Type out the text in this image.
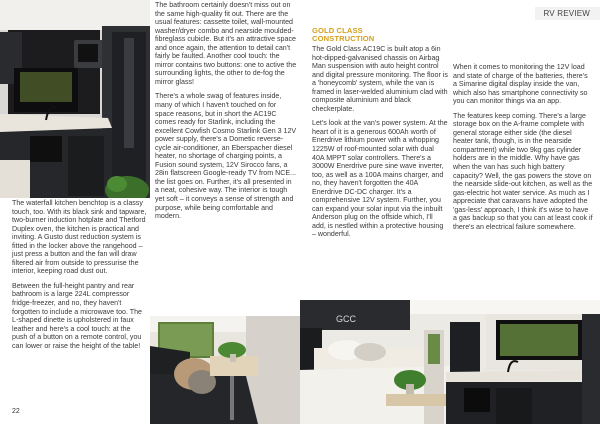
RV REVIEW
GCC

The waterfall kitchen benchtop is a classy touch, too. With its black sink and tapware, two-burner induction hotplate and Thetford Duplex oven, the kitchen is practical and inviting. A Gusto dust reduction system is fitted in the locker above the rangehood – just press a button and the fan will draw filtered air from outside to pressurise the interior, keeping road dust out.

Between the full-height pantry and rear bathroom is a large 224L compressor fridge-freezer, and no, they haven't forgotten to include a microwave too. The L-shaped dinette is upholstered in faux leather and here's a cool touch: at the push of a button on a remote control, you can lower or raise the height of the table!

The bathroom certainly doesn't miss out on the same high-quality fit out. There are the usual features: cassette toilet, wall-mounted washer/dryer combo and nearside moulded-fibreglass cubicle. But it's an attractive space and once again, the attention to detail can't fairly be faulted. Another cool touch: the mirror contains two buttons: one to active the surrounding lights, the other to de-fog the mirror glass!

There's a whole swag of features inside, many of which I haven't touched on for space reasons, but in short the AC19C comes ready for Starlink, including the excellent Cowfish Cosmo Starlink Gen 3 12V power supply, there's a Dometic reverse-cycle air-conditioner, an Eberspacher diesel heater, no shortage of charging points, a Fusion sound system, 12V Sirocco fans, a 28in flatscreen Google-ready TV from NCE... the list goes on. Further, it's all presented in a neat, cohesive way. The interior is tough yet soft – it conveys a sense of strength and purpose, while being comfortable and modern.

GOLD CLASS
CONSTRUCTION

The Gold Class AC19C is built atop a 6in hot-dipped-galvanised chassis on Airbag Man suspension with auto height control and digital pressure monitoring. The floor is a 'honeycomb' system, while the van is framed in laser-welded aluminium clad with composite aluminium and black checkerplate.

Let's look at the van's power system. At the heart of it is a generous 600Ah worth of Enerdrive lithium power with a whopping 1225W of roof-mounted solar with dual 40A MPPT solar controllers. There's a 3000W Enerdrive pure sine wave inverter, too, as well as a 100A mains charger, and no, they haven't forgotten the 40A Enerdrive DC-DC charger. It's a comprehensive 12V system. Further, you can expand your solar input via the inbuilt Anderson plug on the offside which, I'll add, is nestled within a protective housing – wonderful.

When it comes to monitoring the 12V load and state of charge of the batteries, there's a Simarine digital display inside the van, which also has smartphone connectivity so you can monitor things via an app.

The features keep coming. There's a large storage box on the A-frame complete with general storage either side (the diesel heater tank, though, is in the nearside compartment) while two 9kg gas cylinder holders are in the middle. Why have gas when the van has such high battery capacity? Well, the gas powers the stove on the nearside slide-out kitchen, as well as the gas-electric hot water service. As much as I appreciate that caravans have adopted the 'gas-less' approach, I think it's wise to have a gas backup so that you can at least cook if there's an electrical failure somewhere.

22
